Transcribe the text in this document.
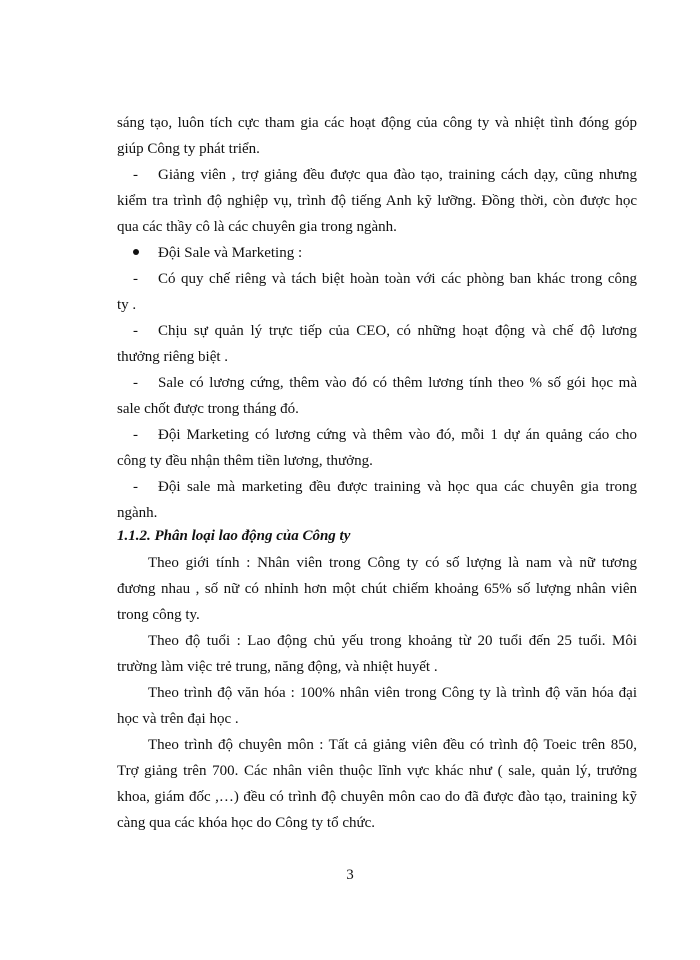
sáng tạo, luôn tích cực tham gia các hoạt động của công ty và nhiệt tình đóng góp
giúp Công ty phát triển.
- Giảng viên , trợ giảng đều được qua đào tạo, training cách dạy, cũng nhưng
kiểm tra trình độ nghiệp vụ, trình độ tiếng Anh kỹ lưỡng. Đồng thời, còn được học
qua các thầy cô là các chuyên gia trong ngành.
Đội Sale và Marketing :
- Có quy chế riêng và tách biệt hoàn toàn với các phòng ban khác trong công
ty .
- Chịu sự quản lý trực tiếp của CEO, có những hoạt động và chế độ lương
thưởng riêng biệt .
- Sale có lương cứng, thêm vào đó có thêm lương tính theo % số gói học mà
sale chốt được trong tháng đó.
- Đội Marketing có lương cứng và thêm vào đó, mỗi 1 dự án quảng cáo cho
công ty đều nhận thêm tiền lương, thưởng.
- Đội sale mà marketing đều được training và học qua các chuyên gia trong
ngành.
1.1.2. Phân loại lao động của Công ty
Theo giới tính : Nhân viên trong Công ty có số lượng là nam và nữ tương
đương nhau , số nữ có nhỉnh hơn một chút chiếm khoảng 65% số lượng nhân viên
trong công ty.
Theo độ tuổi : Lao động chủ yếu trong khoảng từ 20 tuổi đến 25 tuổi. Môi
trường làm việc trẻ trung, năng động, và nhiệt huyết .
Theo trình độ văn hóa : 100% nhân viên trong Công ty là trình độ văn hóa đại
học và trên đại học .
Theo trình độ chuyên môn : Tất cả giảng viên đều có trình độ Toeic trên 850,
Trợ giảng trên 700. Các nhân viên thuộc lĩnh vực khác như ( sale, quản lý, trưởng
khoa, giám đốc ,…) đều có trình độ chuyên môn cao do đã được đào tạo, training kỹ
càng qua các khóa học do Công ty tổ chức.
3
